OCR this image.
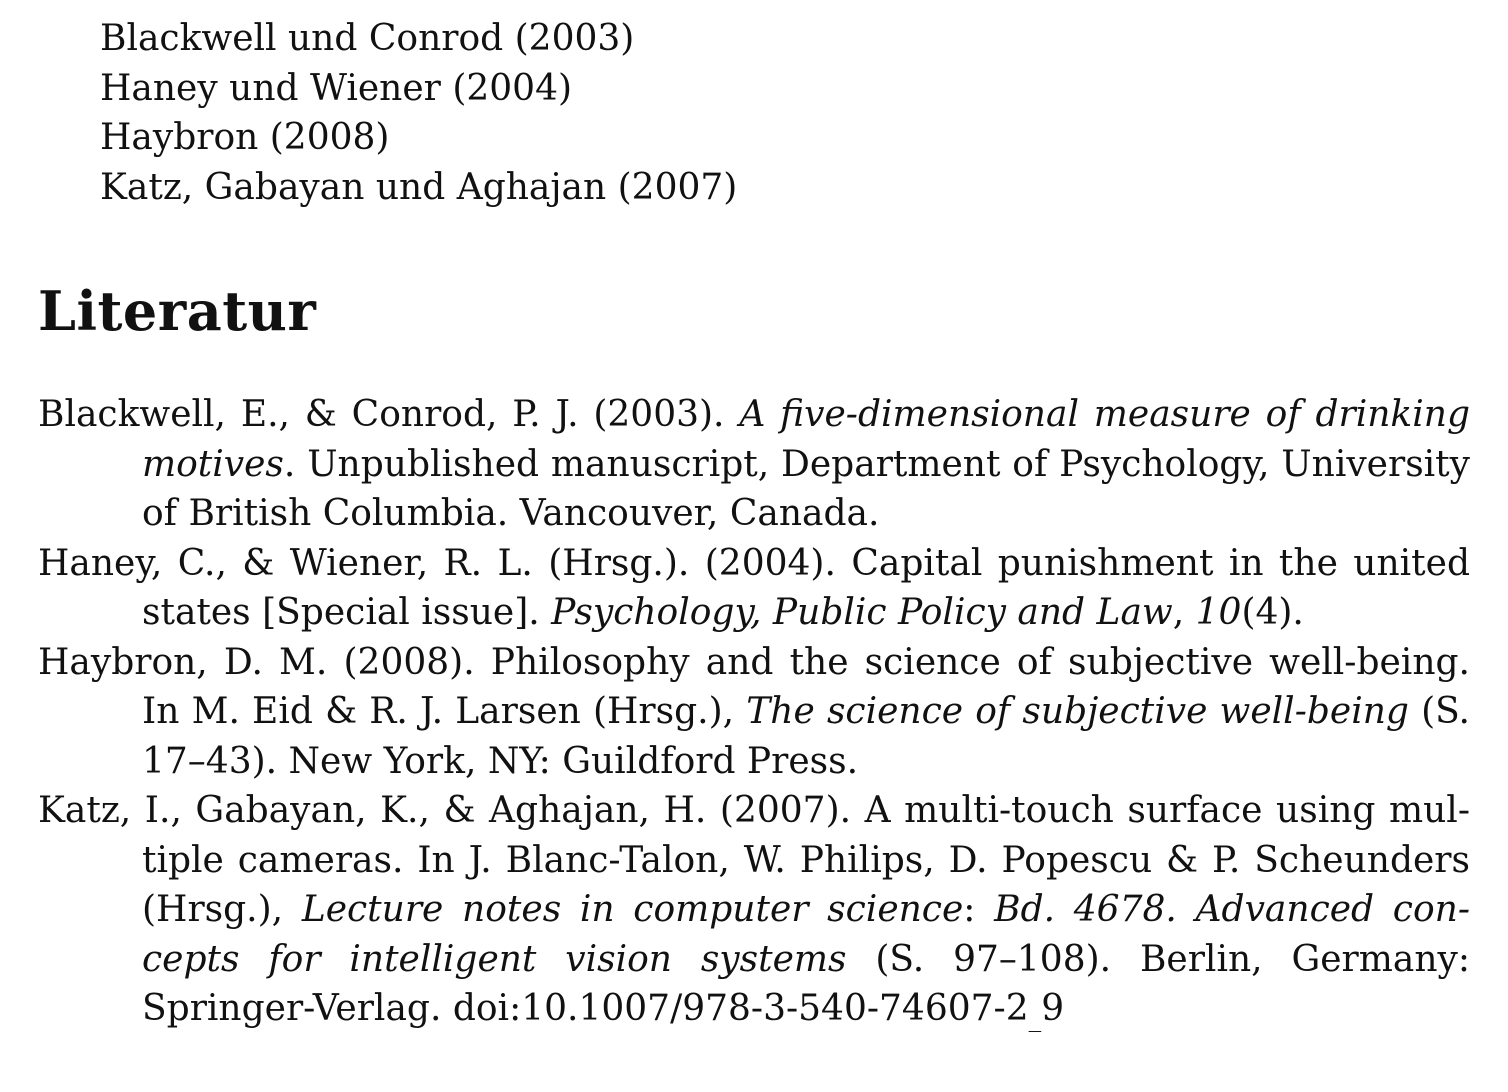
Blackwell und Conrod (2003)
Haney und Wiener (2004)
Haybron (2008)
Katz, Gabayan und Aghajan (2007)
Literatur
Blackwell, E., & Conrod, P. J. (2003). A five-dimensional measure of drinking motives. Unpublished manuscript, Department of Psychology, University of British Columbia. Vancouver, Canada.
Haney, C., & Wiener, R. L. (Hrsg.). (2004). Capital punishment in the united states [Special issue]. Psychology, Public Policy and Law, 10(4).
Haybron, D. M. (2008). Philosophy and the science of subjective well-being. In M. Eid & R. J. Larsen (Hrsg.), The science of subjective well-being (S. 17–43). New York, NY: Guildford Press.
Katz, I., Gabayan, K., & Aghajan, H. (2007). A multi-touch surface using multiple cameras. In J. Blanc-Talon, W. Philips, D. Popescu & P. Scheunders (Hrsg.), Lecture notes in computer science: Bd. 4678. Advanced concepts for intelligent vision systems (S. 97–108). Berlin, Germany: Springer-Verlag. doi:10.1007/978-3-540-74607-2_9
